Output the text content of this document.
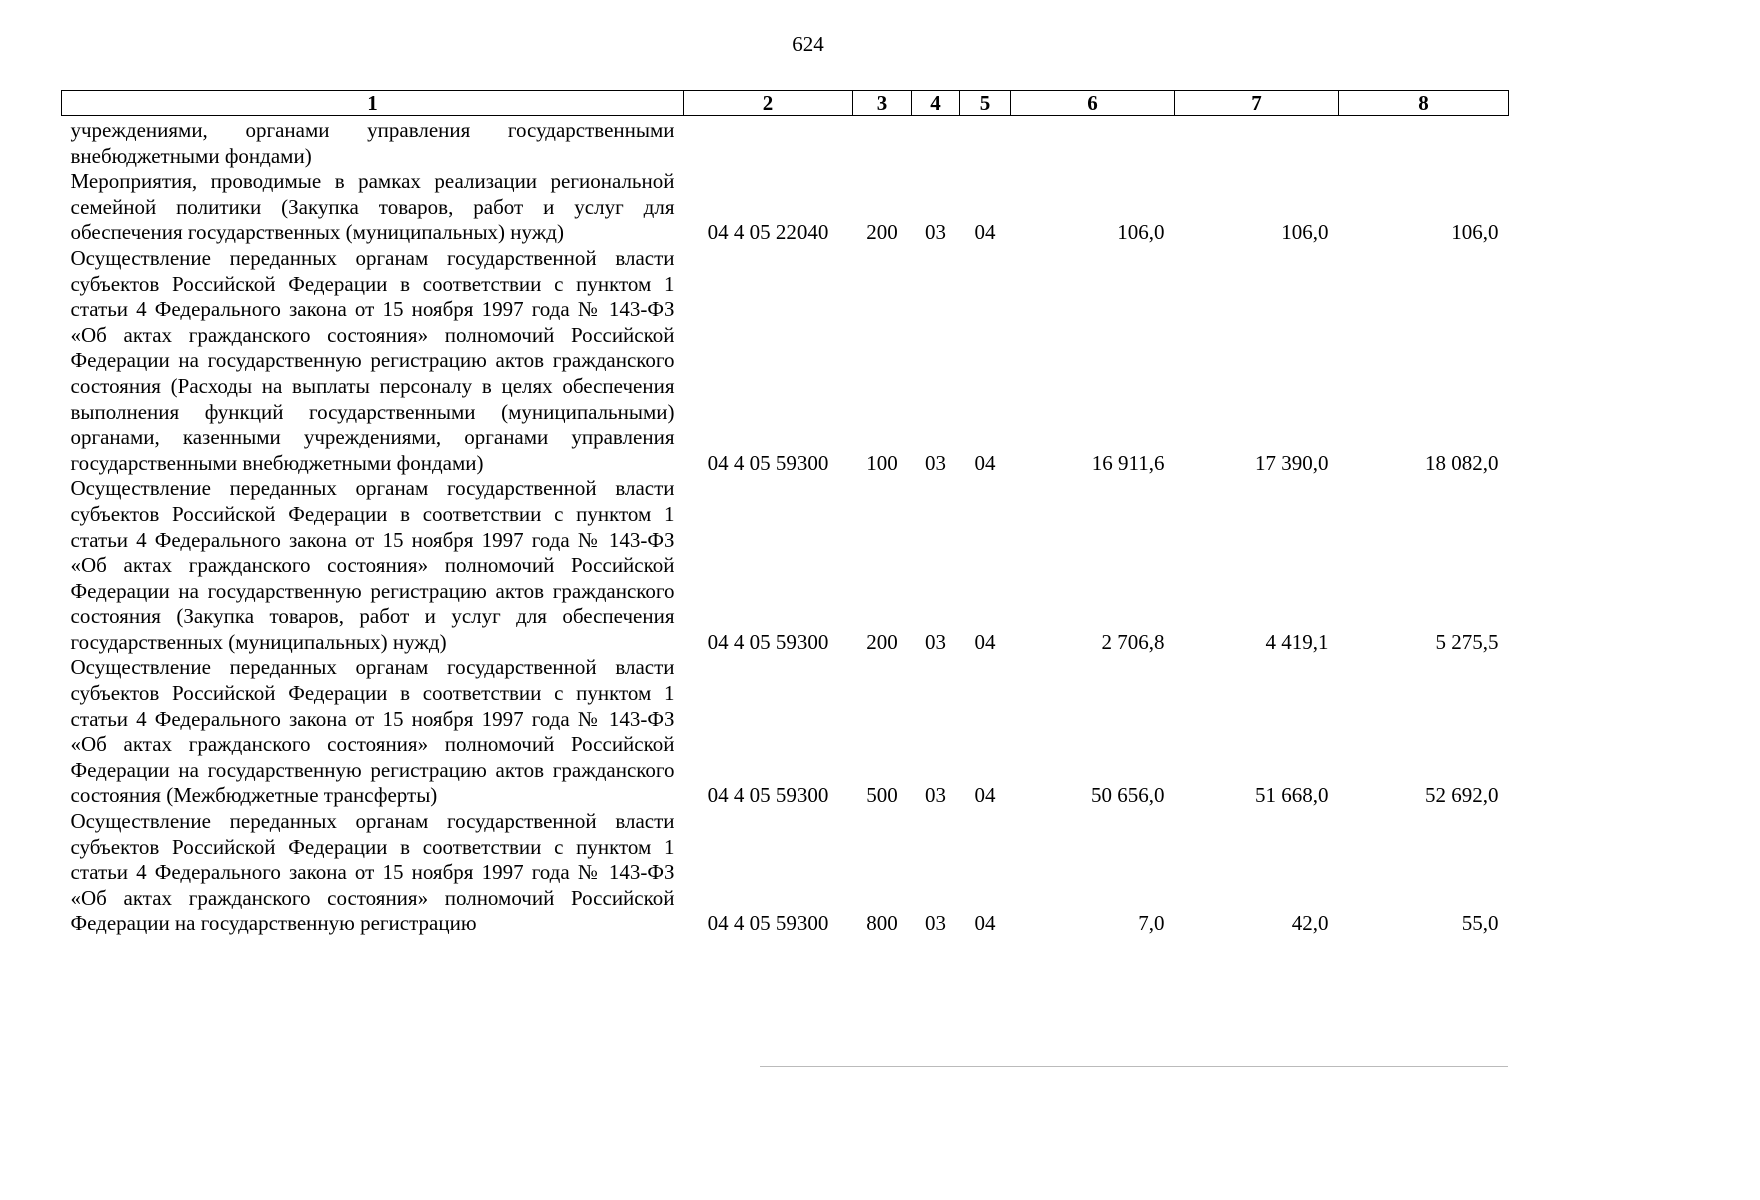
624
1	2	3	4	5	6	7	8

учреждениями, органами управления государственными внебюджетными фондами)							
Мероприятия, проводимые в рамках реализации региональной семейной политики (Закупка товаров, работ и услуг для обеспечения государственных (муниципальных) нужд)	04 4 05 22040	200	03	04	106,0	106,0	106,0
Осуществление переданных органам государственной власти субъектов Российской Федерации в соответствии с пунктом 1 статьи 4 Федерального закона от 15 ноября 1997 года № 143-ФЗ «Об актах гражданского состояния» полномочий Российской Федерации на государственную регистрацию актов гражданского состояния (Расходы на выплаты персоналу в целях обеспечения выполнения функций государственными (муниципальными) органами, казенными учреждениями, органами управления государственными внебюджетными фондами)	04 4 05 59300	100	03	04	16 911,6	17 390,0	18 082,0
Осуществление переданных органам государственной власти субъектов Российской Федерации в соответствии с пунктом 1 статьи 4 Федерального закона от 15 ноября 1997 года № 143-ФЗ «Об актах гражданского состояния» полномочий Российской Федерации на государственную регистрацию актов гражданского состояния (Закупка товаров, работ и услуг для обеспечения государственных (муниципальных) нужд)	04 4 05 59300	200	03	04	2 706,8	4 419,1	5 275,5
Осуществление переданных органам государственной власти субъектов Российской Федерации в соответствии с пунктом 1 статьи 4 Федерального закона от 15 ноября 1997 года № 143-ФЗ «Об актах гражданского состояния» полномочий Российской Федерации на государственную регистрацию актов гражданского состояния (Межбюджетные трансферты)	04 4 05 59300	500	03	04	50 656,0	51 668,0	52 692,0
Осуществление переданных органам государственной власти субъектов Российской Федерации в соответствии с пунктом 1 статьи 4 Федерального закона от 15 ноября 1997 года № 143-ФЗ «Об актах гражданского состояния» полномочий Российской Федерации на государственную регистрацию	04 4 05 59300	800	03	04	7,0	42,0	55,0
